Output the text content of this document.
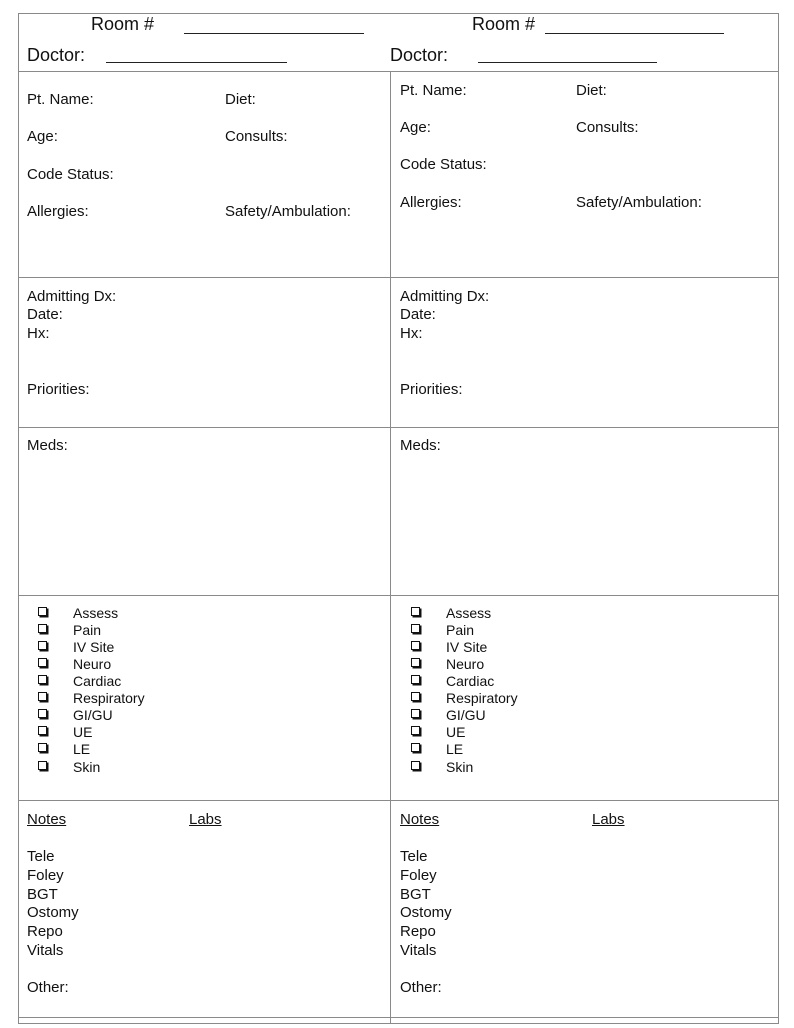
Room #
Doctor:
Room #
Doctor:
Pt. Name:	Diet:
Age:	Consults:
Code Status:
Allergies:	Safety/Ambulation:
Pt. Name:	Diet:
Age:	Consults:
Code Status:
Allergies:	Safety/Ambulation:
Admitting Dx:
Date:
Hx:
Priorities:
Admitting Dx:
Date:
Hx:
Priorities:
Meds:	Meds:
Assess
Pain
IV Site
Neuro
Cardiac
Respiratory
GI/GU
UE
LE
Skin
Assess
Pain
IV Site
Neuro
Cardiac
Respiratory
GI/GU
UE
LE
Skin
Notes	Labs
Tele
Foley
BGT
Ostomy
Repo
Vitals
Other:
Notes	Labs
Tele
Foley
BGT
Ostomy
Repo
Vitals
Other:
